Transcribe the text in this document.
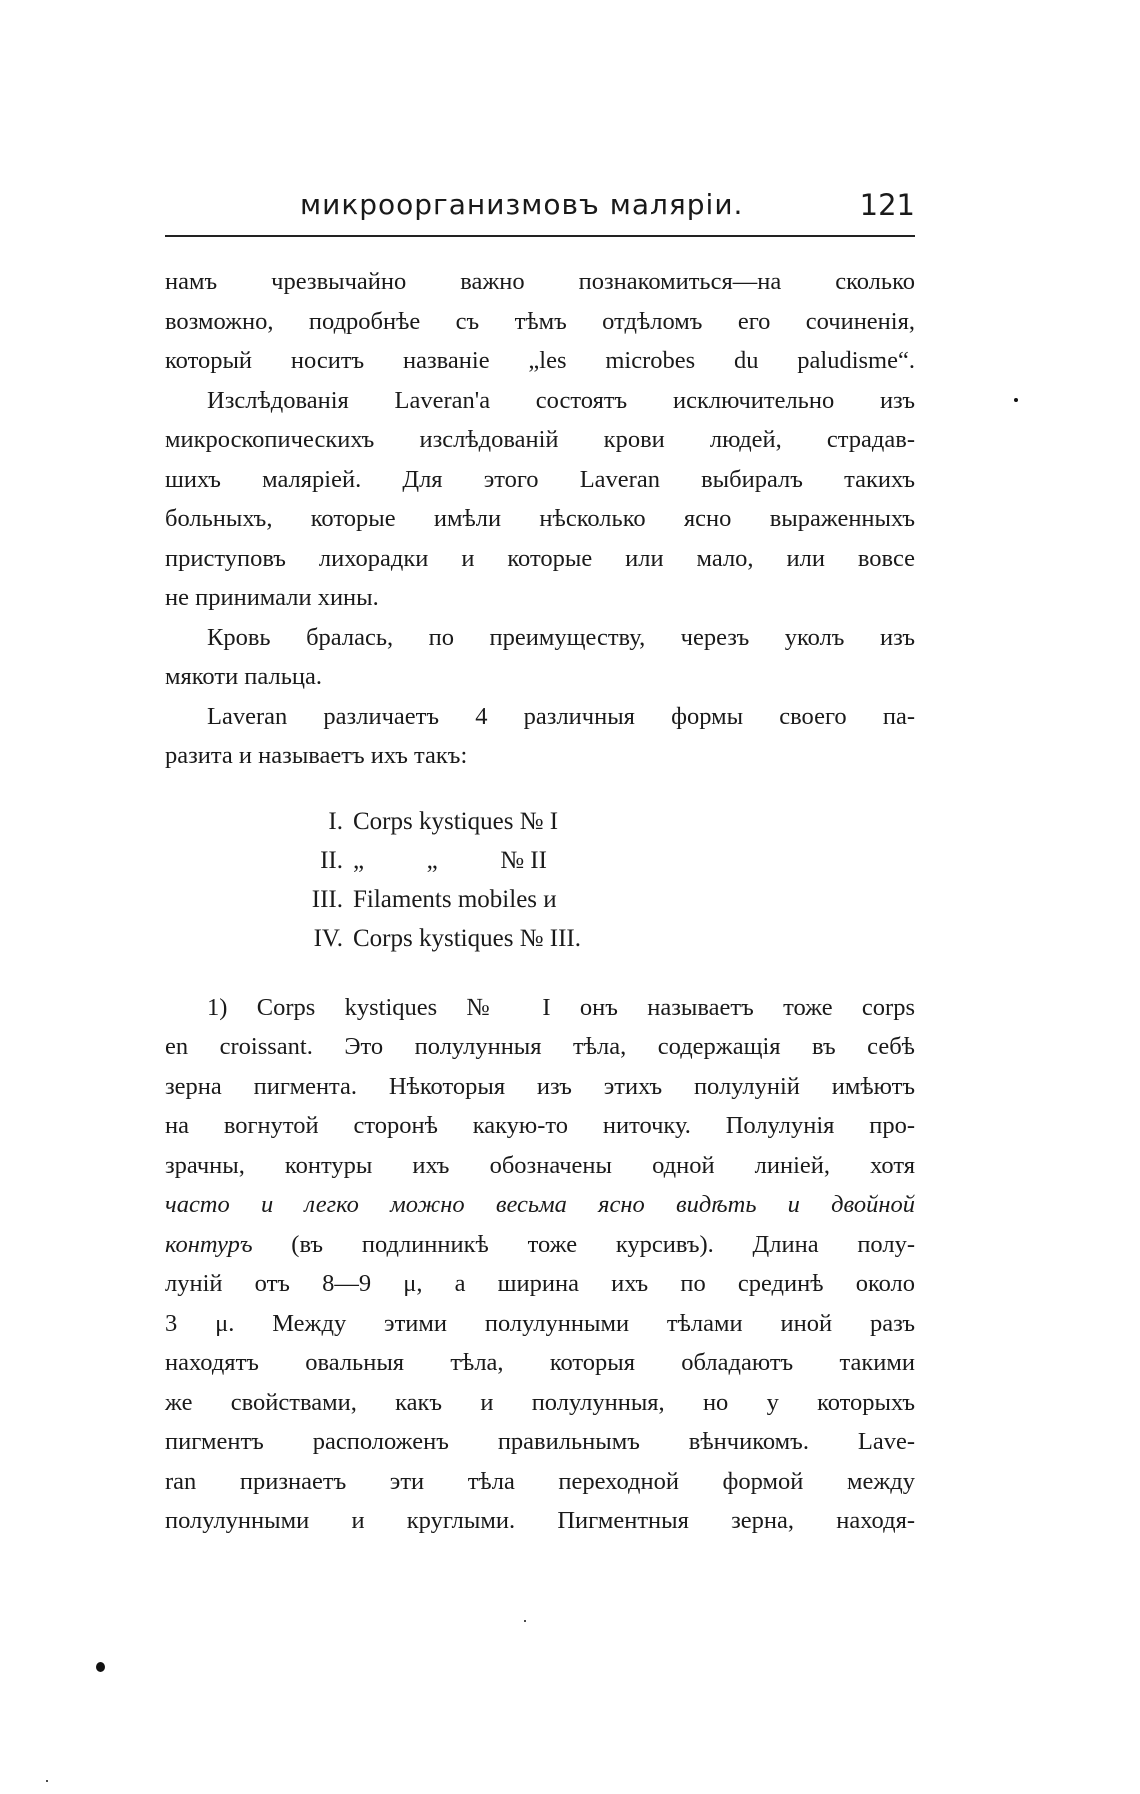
микроорганизмовъ маляріи.	121

намъ чрезвычайно важно познакомиться—на сколько
возможно, подробнѣе съ тѣмъ отдѣломъ его сочиненія,
который носитъ названіе „les microbes du paludisme“.

Изслѣдованія Laveran'a состоятъ исключительно изъ
микроскопическихъ изслѣдованій крови людей, страдав-
шихъ маляріей. Для этого Laveran выбиралъ такихъ
больныхъ, которые имѣли нѣсколько ясно выраженныхъ
приступовъ лихорадки и которые или мало, или вовсе
не принимали хины.

Кровь бралась, по преимуществу, черезъ уколъ изъ
мякоти пальца.

Laveran различаетъ 4 различныя формы своего па-
разита и называетъ ихъ такъ:

I. Corps kystiques № I
II. „          „          № II
III. Filaments mobiles и
IV. Corps kystiques № III.

1) Corps kystiques № I онъ называетъ тоже corps
en croissant. Это полулунныя тѣла, содержащія въ себѣ
зерна пигмента. Нѣкоторыя изъ этихъ полулуній имѣютъ
на вогнутой сторонѣ какую-то ниточку. Полулунія про-
зрачны, контуры ихъ обозначены одной линіей, хотя
часто и легко можно весьма ясно видѣть и двойной
контуръ (въ подлинникѣ тоже курсивъ). Длина полу-
луній отъ 8—9 μ, а ширина ихъ по срединѣ около
3 μ. Между этими полулунными тѣлами иной разъ
находятъ овальныя тѣла, которыя обладаютъ такими
же свойствами, какъ и полулунныя, но у которыхъ
пигментъ расположенъ правильнымъ вѣнчикомъ. Lave-
ran признаетъ эти тѣла переходной формой между
полулунными и круглыми. Пигментныя зерна, находя-
